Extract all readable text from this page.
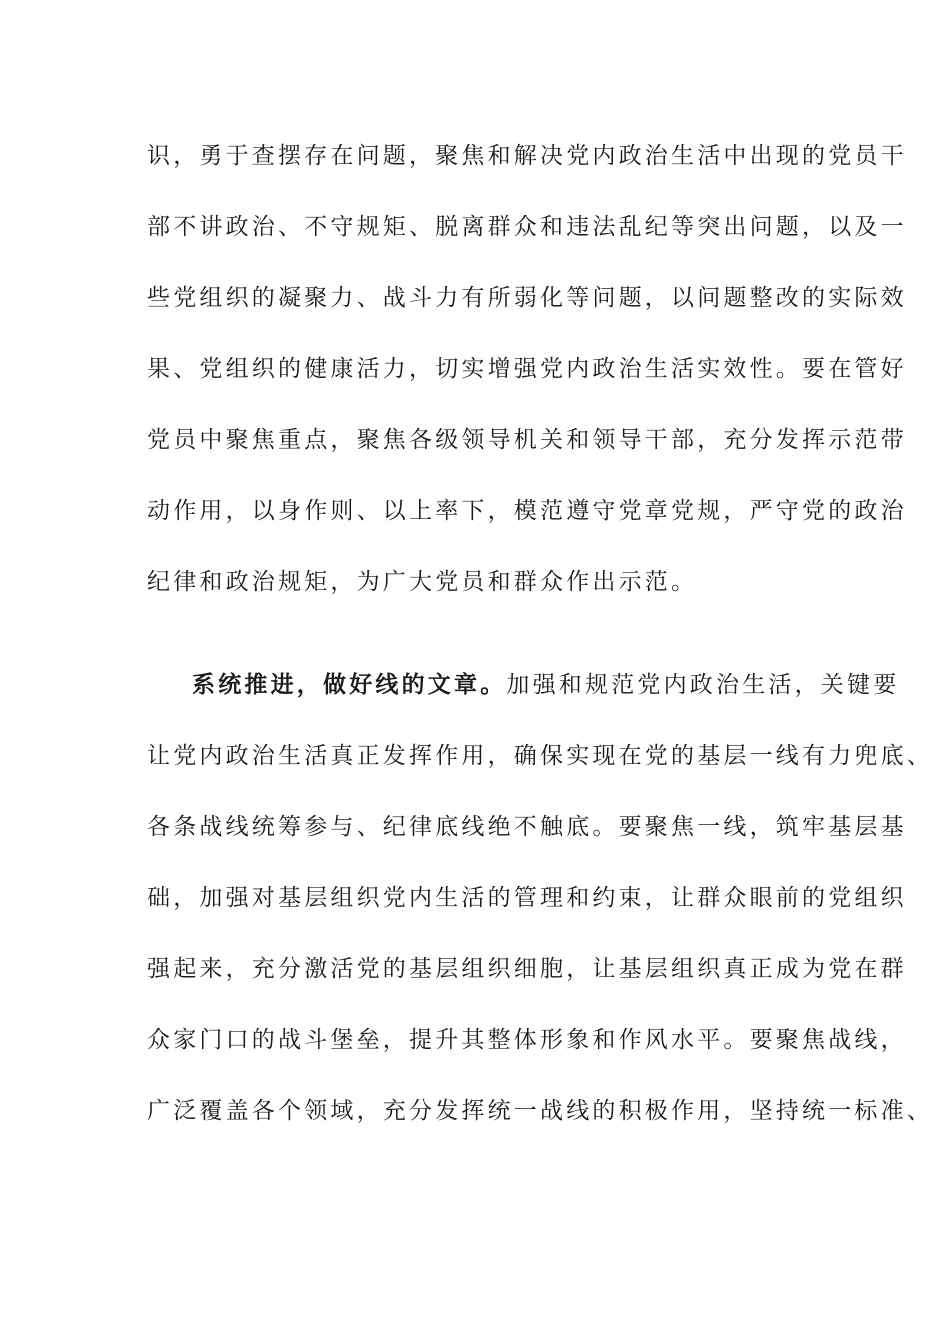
识，勇于查摆存在问题，聚焦和解决党内政治生活中出现的党员干
部不讲政治、不守规矩、脱离群众和违法乱纪等突出问题，以及一
些党组织的凝聚力、战斗力有所弱化等问题，以问题整改的实际效
果、党组织的健康活力，切实增强党内政治生活实效性。要在管好
党员中聚焦重点，聚焦各级领导机关和领导干部，充分发挥示范带
动作用，以身作则、以上率下，模范遵守党章党规，严守党的政治
纪律和政治规矩，为广大党员和群众作出示范。
系统推进，做好线的文章。加强和规范党内政治生活，关键要
让党内政治生活真正发挥作用，确保实现在党的基层一线有力兜底、
各条战线统筹参与、纪律底线绝不触底。要聚焦一线，筑牢基层基
础，加强对基层组织党内生活的管理和约束，让群众眼前的党组织
强起来，充分激活党的基层组织细胞，让基层组织真正成为党在群
众家门口的战斗堡垒，提升其整体形象和作风水平。要聚焦战线，
广泛覆盖各个领域，充分发挥统一战线的积极作用，坚持统一标准、
